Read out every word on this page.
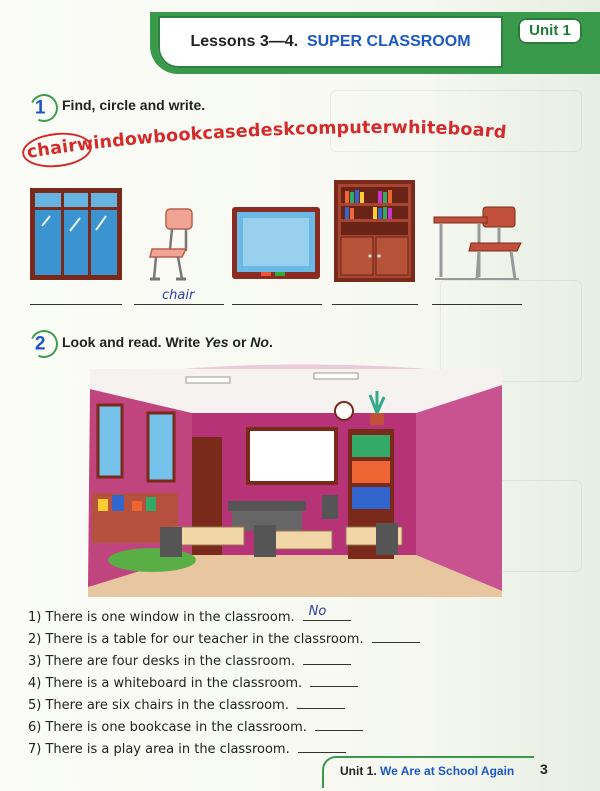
Lessons 3—4. SUPER CLASSROOM
Unit 1
1 Find, circle and write.
chairwindowbookcasedeskcomputerwhiteboard
chair
2 Look and read. Write Yes or No.
1) There is one window in the classroom. No
2) There is a table for our teacher in the classroom.
3) There are four desks in the classroom.
4) There is a whiteboard in the classroom.
5) There are six chairs in the classroom.
6) There is one bookcase in the classroom.
7) There is a play area in the classroom.
Unit 1. We Are at School Again 3
